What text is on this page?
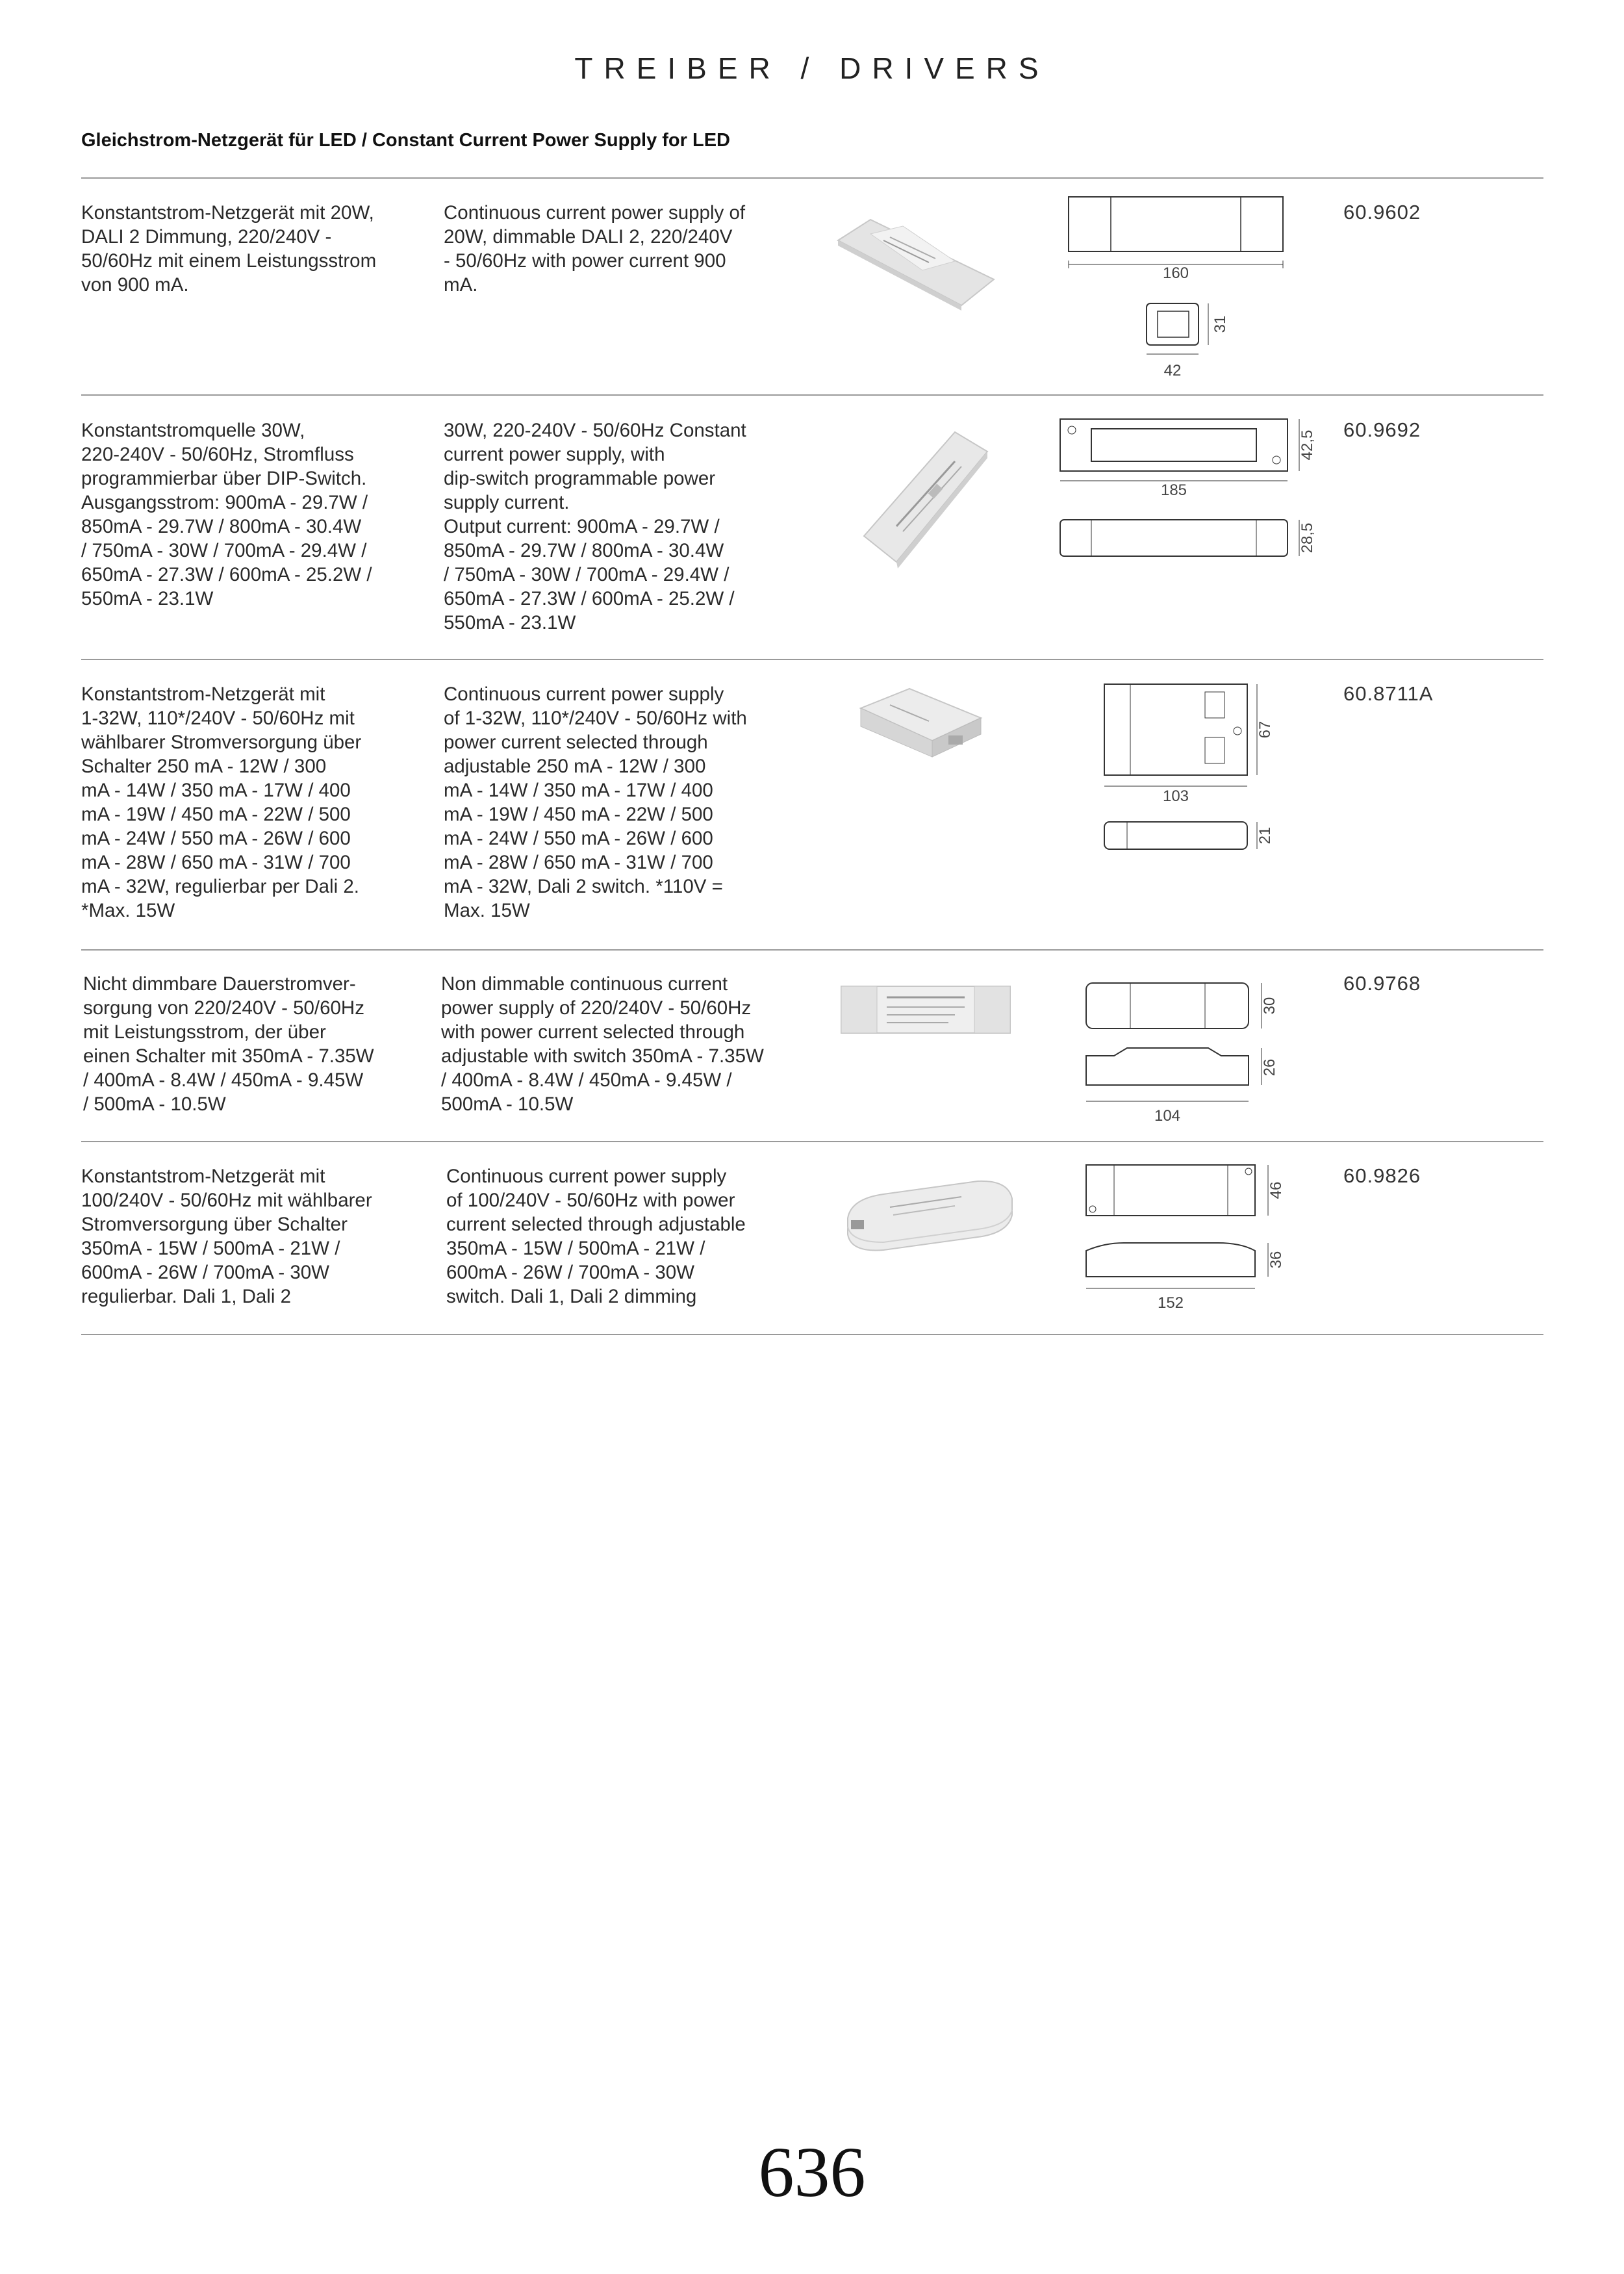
TREIBER / DRIVERS
Gleichstrom-Netzgerät für LED / Constant Current Power Supply for LED

Konstantstrom-Netzgerät mit 20W,
DALI 2 Dimmung, 220/240V -
50/60Hz mit einem Leistungsstrom
von 900 mA.

Continuous current power supply of
20W, dimmable DALI 2, 220/240V
- 50/60Hz with power current 900
mA.

160
31
42
60.9602

Konstantstromquelle 30W,
220-240V - 50/60Hz, Stromfluss
programmierbar über DIP-Switch.
Ausgangsstrom: 900mA - 29.7W /
850mA - 29.7W / 800mA - 30.4W
/ 750mA - 30W / 700mA - 29.4W /
650mA - 27.3W / 600mA - 25.2W /
550mA - 23.1W

30W, 220-240V - 50/60Hz Constant
current power supply, with
dip-switch programmable power
supply current.
Output current: 900mA - 29.7W /
850mA - 29.7W / 800mA - 30.4W
/ 750mA - 30W / 700mA - 29.4W /
650mA - 27.3W / 600mA - 25.2W /
550mA - 23.1W

42,5
185
28,5
60.9692

Konstantstrom-Netzgerät mit
1-32W, 110*/240V - 50/60Hz mit
wählbarer Stromversorgung über
Schalter 250 mA - 12W / 300
mA - 14W / 350 mA - 17W / 400
mA - 19W / 450 mA - 22W / 500
mA - 24W / 550 mA - 26W / 600
mA - 28W / 650 mA - 31W / 700
mA - 32W, regulierbar per Dali 2.
*Max. 15W

Continuous current power supply
of 1-32W, 110*/240V - 50/60Hz with
power current selected through
adjustable 250 mA - 12W / 300
mA - 14W / 350 mA - 17W / 400
mA - 19W / 450 mA - 22W / 500
mA - 24W / 550 mA - 26W / 600
mA - 28W / 650 mA - 31W / 700
mA - 32W, Dali 2 switch. *110V =
Max. 15W

67
103
21
60.8711A

Nicht dimmbare Dauerstromver-
sorgung von 220/240V - 50/60Hz
mit Leistungsstrom, der über
einen Schalter mit 350mA - 7.35W
/ 400mA - 8.4W / 450mA - 9.45W
/ 500mA - 10.5W

Non dimmable continuous current
power supply of 220/240V - 50/60Hz
with power current selected through
adjustable with switch 350mA - 7.35W
/ 400mA - 8.4W / 450mA - 9.45W /
500mA - 10.5W

30
26
104
60.9768

Konstantstrom-Netzgerät mit
100/240V - 50/60Hz mit wählbarer
Stromversorgung über Schalter
350mA - 15W / 500mA - 21W /
600mA - 26W / 700mA - 30W
regulierbar. Dali 1, Dali 2

Continuous current power supply
of 100/240V - 50/60Hz with power
current selected through adjustable
350mA - 15W / 500mA - 21W /
600mA - 26W / 700mA - 30W
switch. Dali 1, Dali 2 dimming

46
36
152
60.9826
636
